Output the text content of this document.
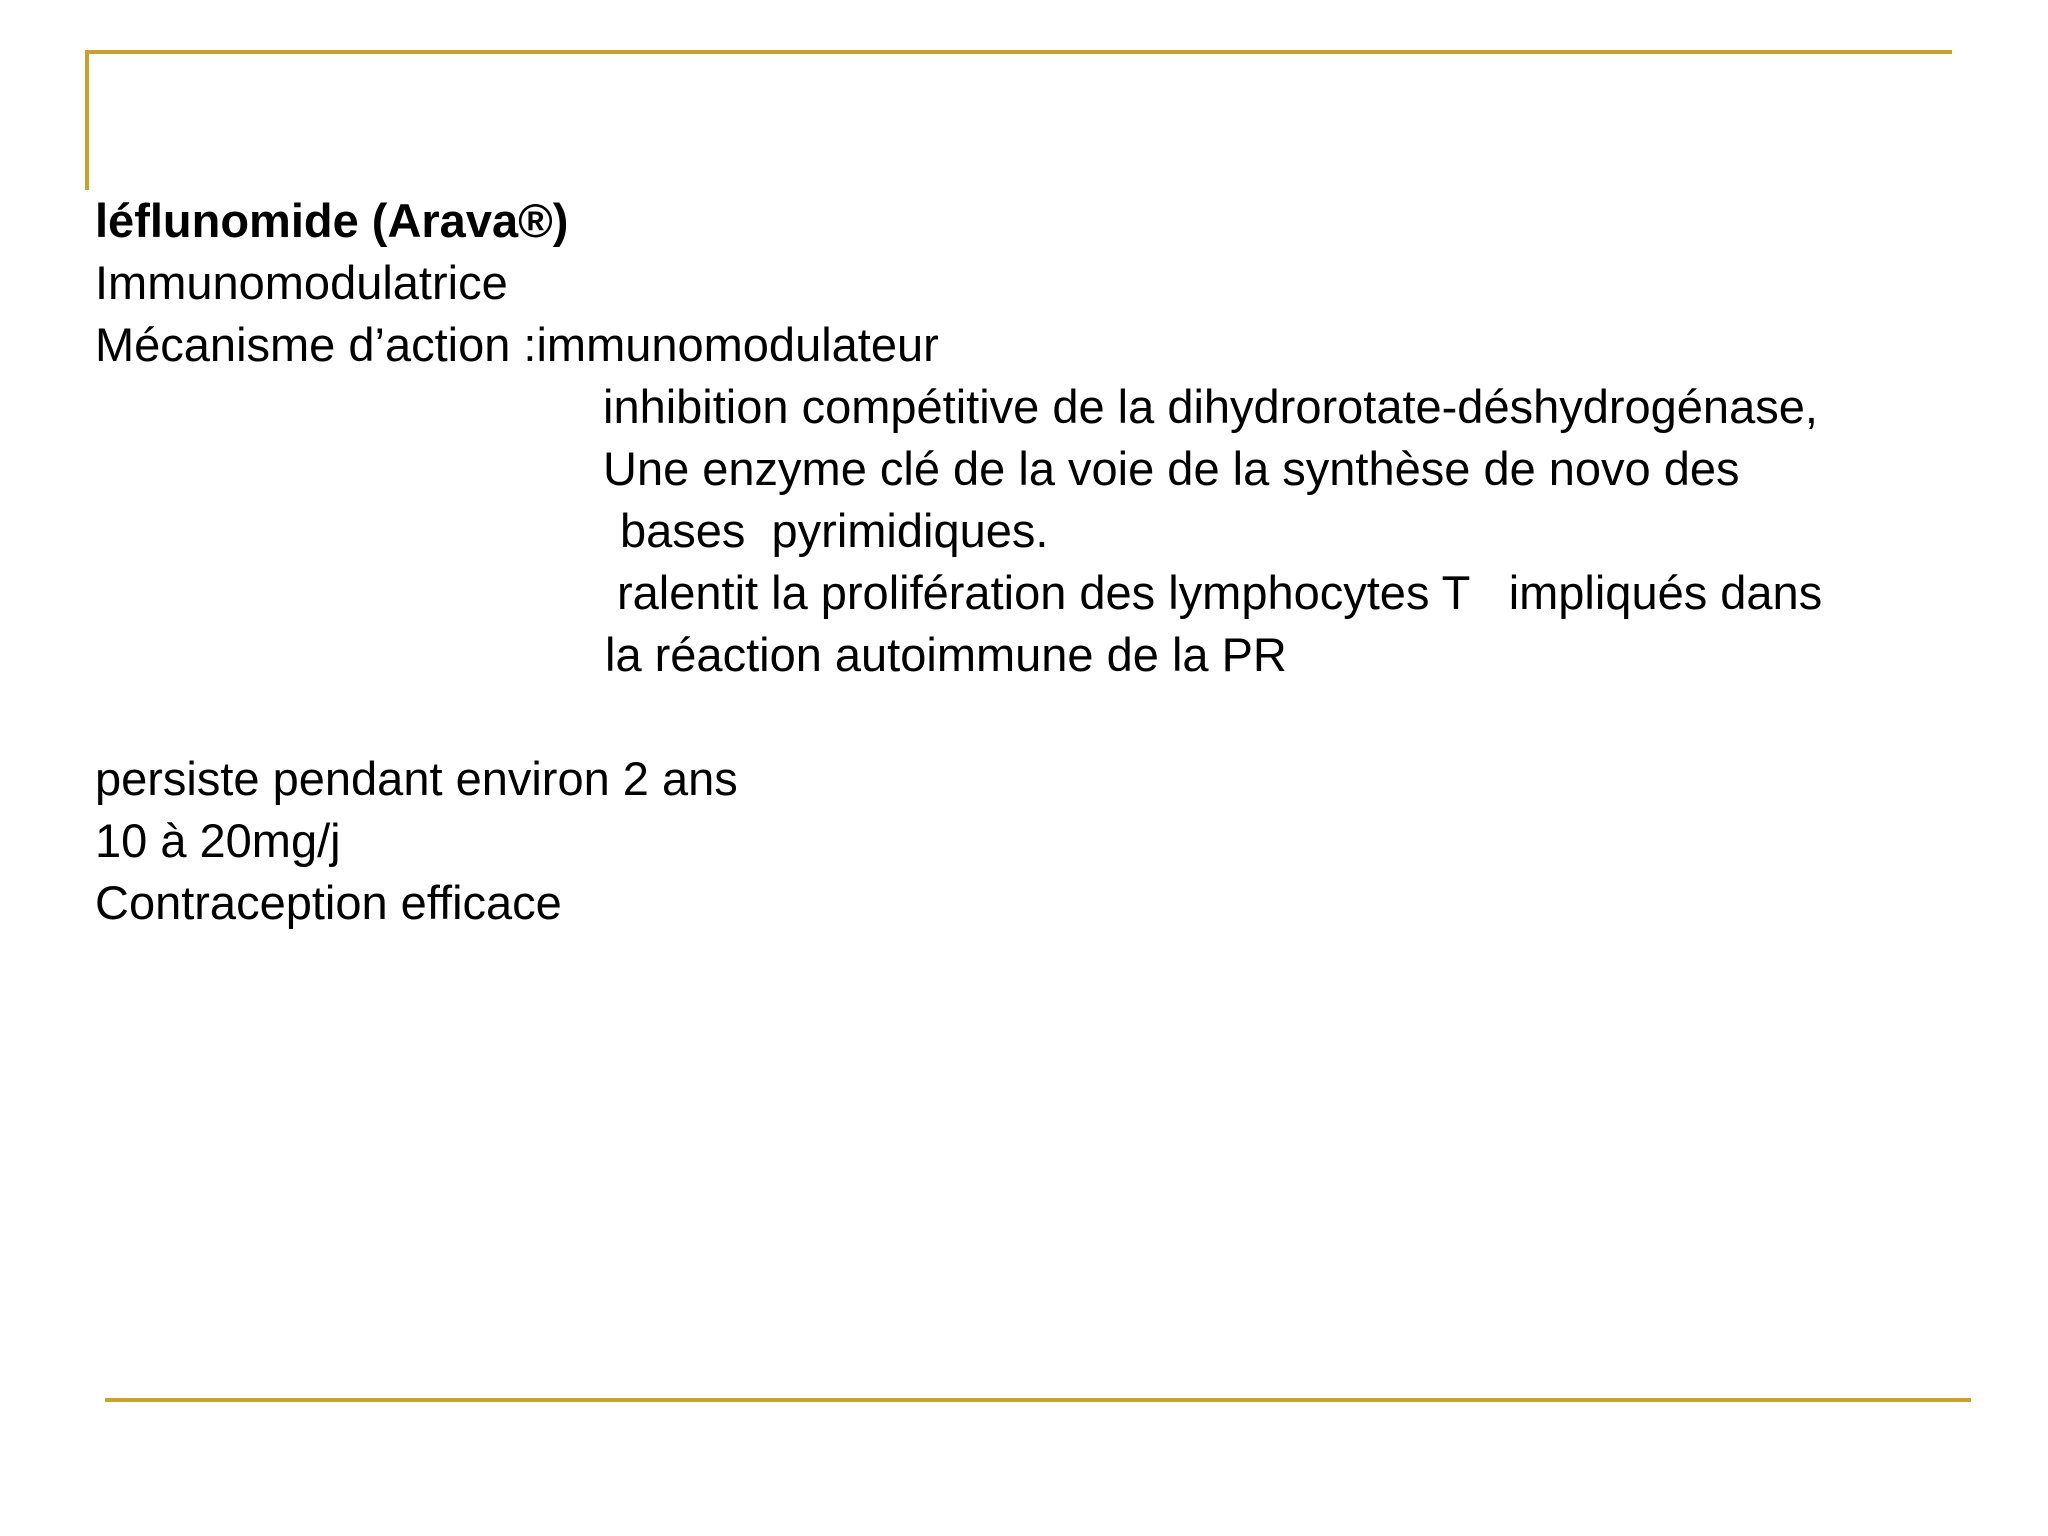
léflunomide (Arava®)
Immunomodulatrice
Mécanisme d’action :immunomodulateur
inhibition compétitive de la dihydrorotate-déshydrogénase,
Une enzyme clé de la voie de la synthèse de novo des
bases  pyrimidiques.
ralentit la prolifération des lymphocytes T   impliqués dans
la réaction autoimmune de la PR
persiste pendant environ 2 ans
10 à 20mg/j
Contraception efficace
